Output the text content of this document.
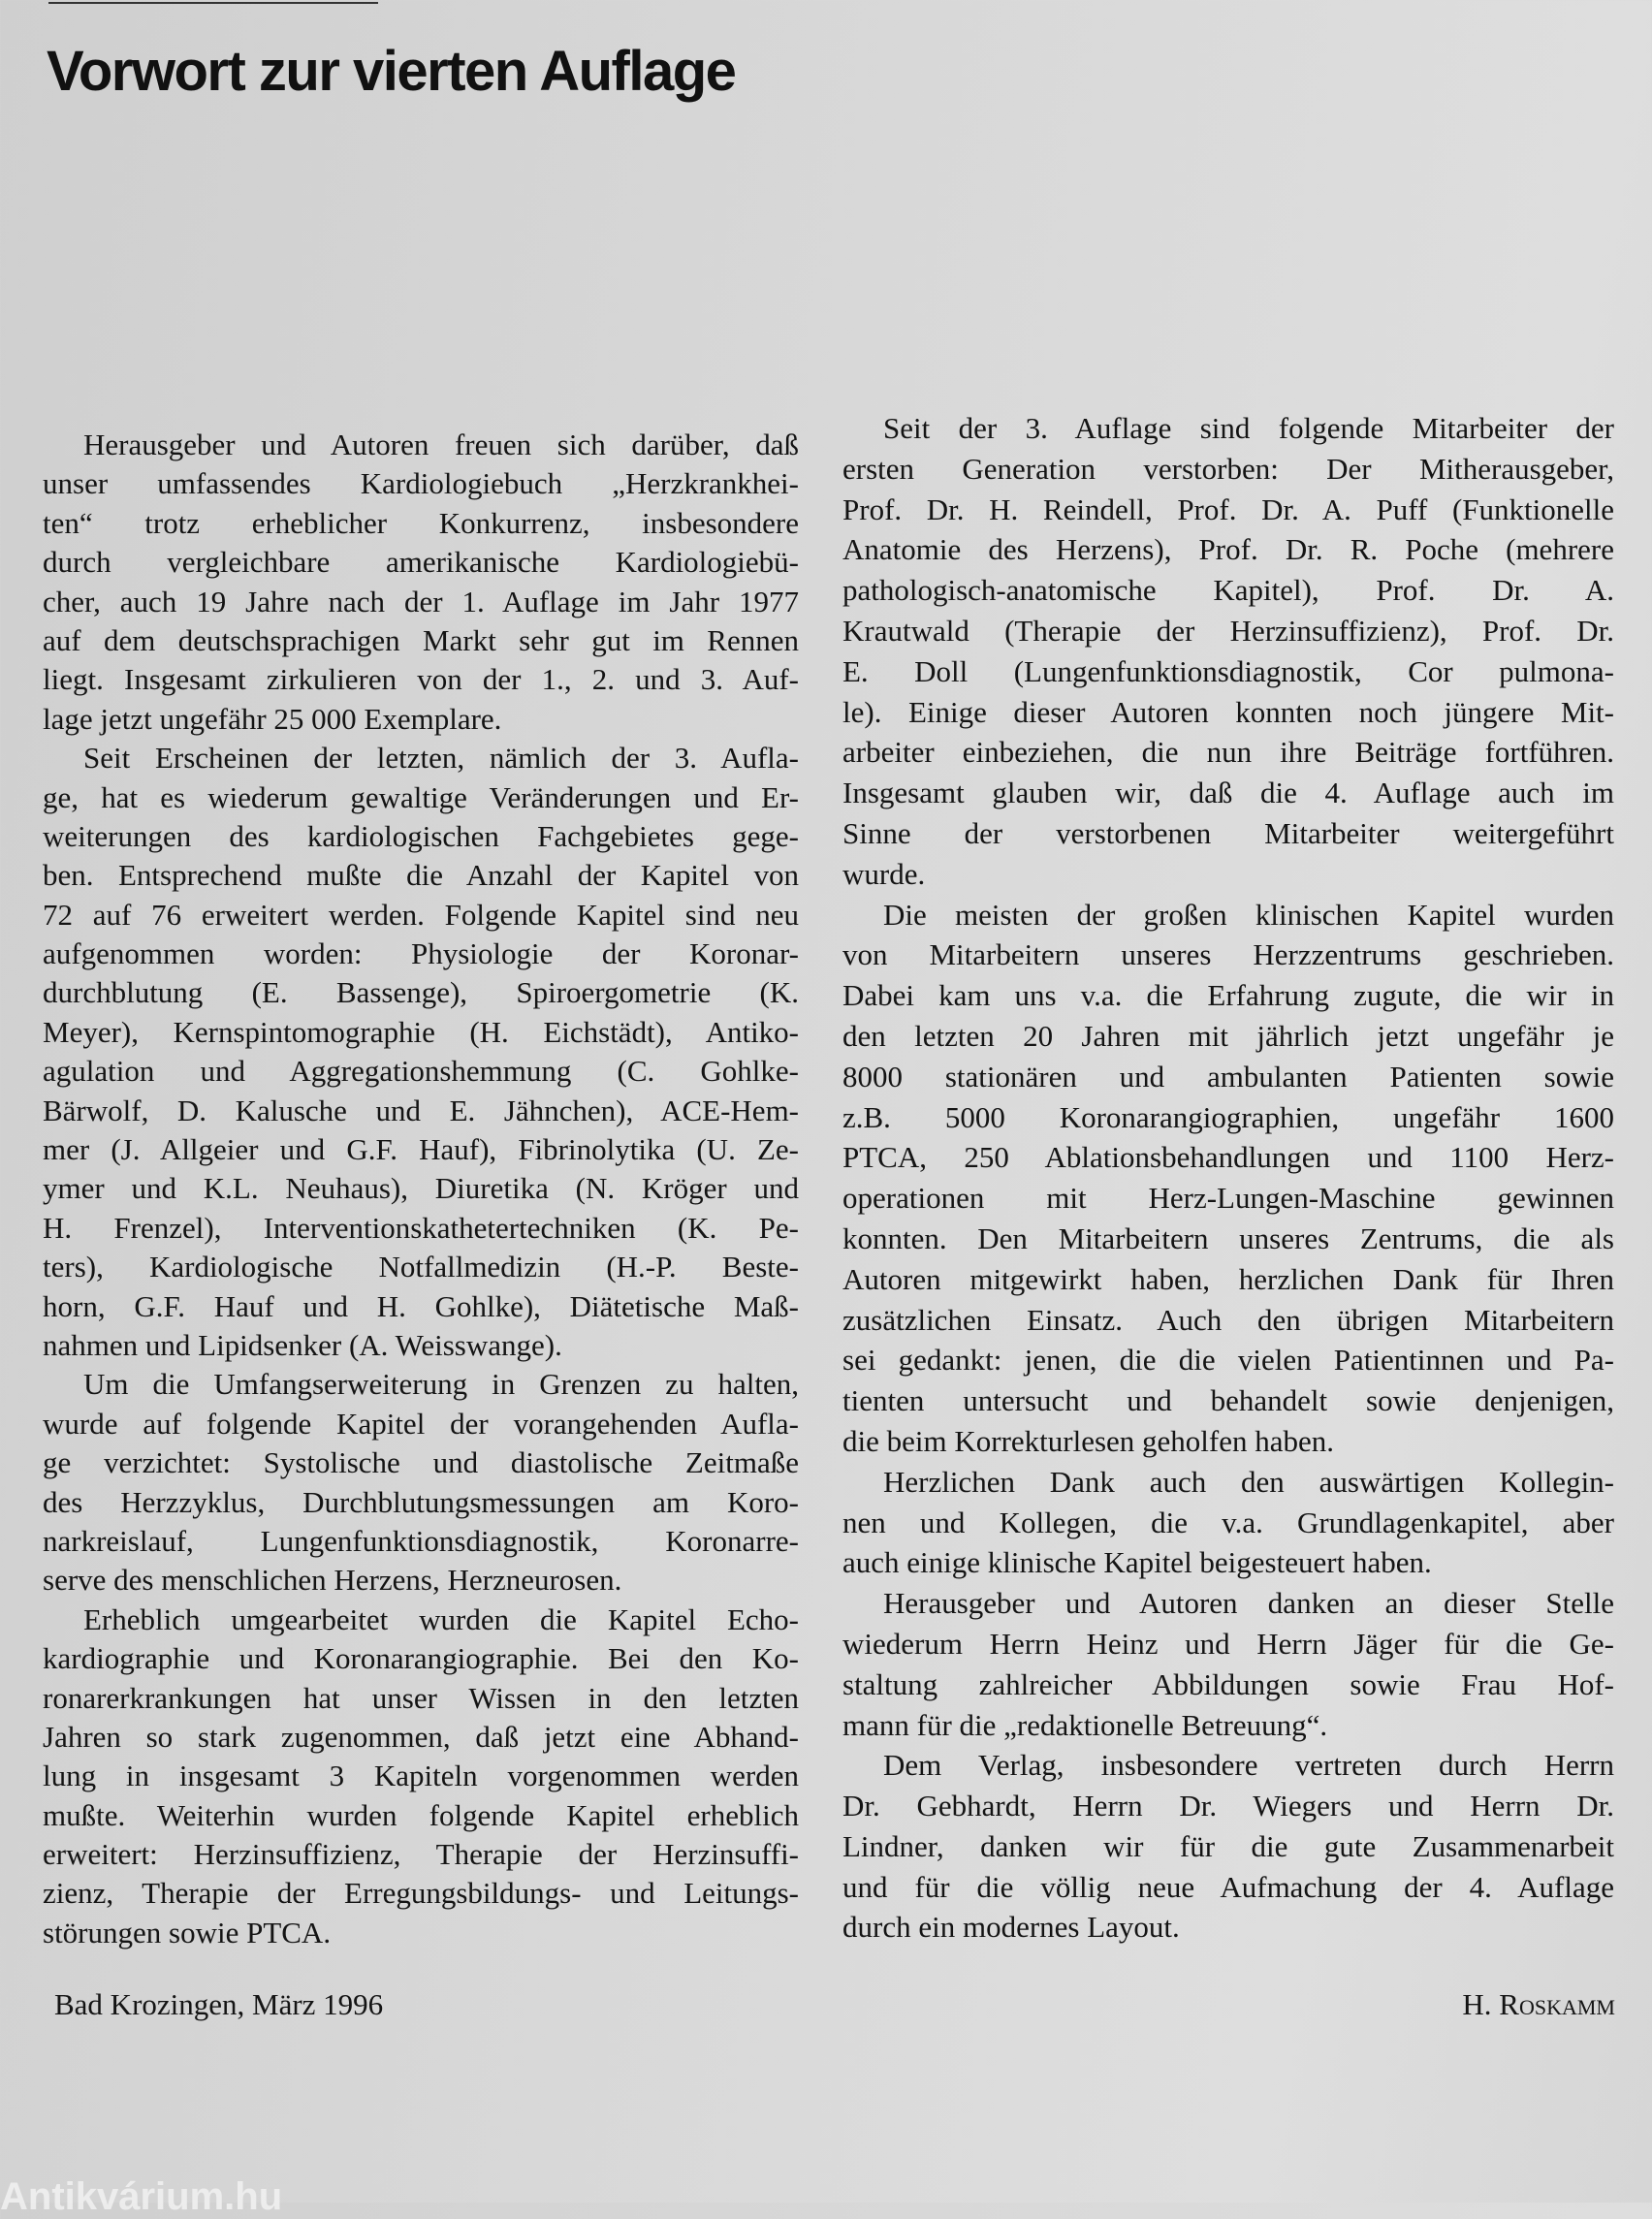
Vorwort zur vierten Auflage
Herausgeber und Autoren freuen sich darüber, daß
unser umfassendes Kardiologiebuch „Herzkrankhei-
ten“ trotz erheblicher Konkurrenz, insbesondere
durch vergleichbare amerikanische Kardiologiebü-
cher, auch 19 Jahre nach der 1. Auflage im Jahr 1977
auf dem deutschsprachigen Markt sehr gut im Rennen
liegt. Insgesamt zirkulieren von der 1., 2. und 3. Auf-
lage jetzt ungefähr 25 000 Exemplare.
Seit Erscheinen der letzten, nämlich der 3. Aufla-
ge, hat es wiederum gewaltige Veränderungen und Er-
weiterungen des kardiologischen Fachgebietes gege-
ben. Entsprechend mußte die Anzahl der Kapitel von
72 auf 76 erweitert werden. Folgende Kapitel sind neu
aufgenommen worden: Physiologie der Koronar-
durchblutung (E. Bassenge), Spiroergometrie (K.
Meyer), Kernspintomographie (H. Eichstädt), Antiko-
agulation und Aggregationshemmung (C. Gohlke-
Bärwolf, D. Kalusche und E. Jähnchen), ACE-Hem-
mer (J. Allgeier und G.F. Hauf), Fibrinolytika (U. Ze-
ymer und K.L. Neuhaus), Diuretika (N. Kröger und
H. Frenzel), Interventionskathetertechniken (K. Pe-
ters), Kardiologische Notfallmedizin (H.-P. Beste-
horn, G.F. Hauf und H. Gohlke), Diätetische Maß-
nahmen und Lipidsenker (A. Weisswange).
Um die Umfangserweiterung in Grenzen zu halten,
wurde auf folgende Kapitel der vorangehenden Aufla-
ge verzichtet: Systolische und diastolische Zeitmaße
des Herzzyklus, Durchblutungsmessungen am Koro-
narkreislauf, Lungenfunktionsdiagnostik, Koronarre-
serve des menschlichen Herzens, Herzneurosen.
Erheblich umgearbeitet wurden die Kapitel Echo-
kardiographie und Koronarangiographie. Bei den Ko-
ronarerkrankungen hat unser Wissen in den letzten
Jahren so stark zugenommen, daß jetzt eine Abhand-
lung in insgesamt 3 Kapiteln vorgenommen werden
mußte. Weiterhin wurden folgende Kapitel erheblich
erweitert: Herzinsuffizienz, Therapie der Herzinsuffi-
zienz, Therapie der Erregungsbildungs- und Leitungs-
störungen sowie PTCA.
Seit der 3. Auflage sind folgende Mitarbeiter der
ersten Generation verstorben: Der Mitherausgeber,
Prof. Dr. H. Reindell, Prof. Dr. A. Puff (Funktionelle
Anatomie des Herzens), Prof. Dr. R. Poche (mehrere
pathologisch-anatomische Kapitel), Prof. Dr. A.
Krautwald (Therapie der Herzinsuffizienz), Prof. Dr.
E. Doll (Lungenfunktionsdiagnostik, Cor pulmona-
le). Einige dieser Autoren konnten noch jüngere Mit-
arbeiter einbeziehen, die nun ihre Beiträge fortführen.
Insgesamt glauben wir, daß die 4. Auflage auch im
Sinne der verstorbenen Mitarbeiter weitergeführt
wurde.
Die meisten der großen klinischen Kapitel wurden
von Mitarbeitern unseres Herzzentrums geschrieben.
Dabei kam uns v.a. die Erfahrung zugute, die wir in
den letzten 20 Jahren mit jährlich jetzt ungefähr je
8000 stationären und ambulanten Patienten sowie
z.B. 5000 Koronarangiographien, ungefähr 1600
PTCA, 250 Ablationsbehandlungen und 1100 Herz-
operationen mit Herz-Lungen-Maschine gewinnen
konnten. Den Mitarbeitern unseres Zentrums, die als
Autoren mitgewirkt haben, herzlichen Dank für Ihren
zusätzlichen Einsatz. Auch den übrigen Mitarbeitern
sei gedankt: jenen, die die vielen Patientinnen und Pa-
tienten untersucht und behandelt sowie denjenigen,
die beim Korrekturlesen geholfen haben.
Herzlichen Dank auch den auswärtigen Kollegin-
nen und Kollegen, die v.a. Grundlagenkapitel, aber
auch einige klinische Kapitel beigesteuert haben.
Herausgeber und Autoren danken an dieser Stelle
wiederum Herrn Heinz und Herrn Jäger für die Ge-
staltung zahlreicher Abbildungen sowie Frau Hof-
mann für die „redaktionelle Betreuung“.
Dem Verlag, insbesondere vertreten durch Herrn
Dr. Gebhardt, Herrn Dr. Wiegers und Herrn Dr.
Lindner, danken wir für die gute Zusammenarbeit
und für die völlig neue Aufmachung der 4. Auflage
durch ein modernes Layout.
Bad Krozingen, März 1996	H. Roskamm
Antikvárium.hu
